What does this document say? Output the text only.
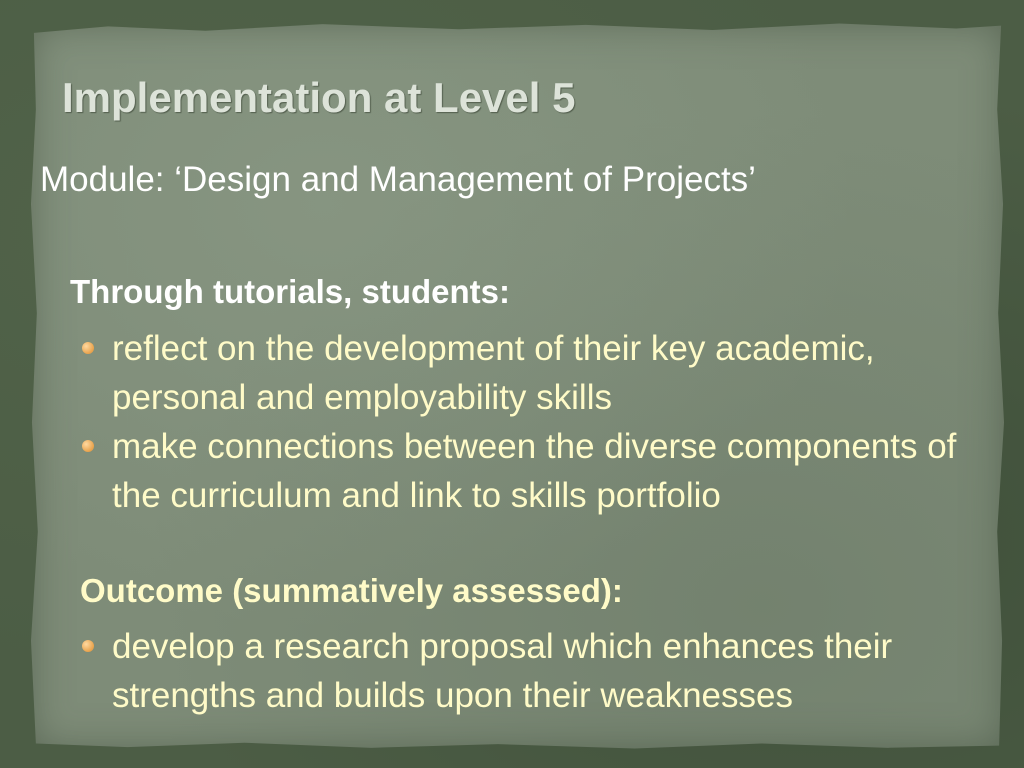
Implementation at Level 5

Module: ‘Design and Management of Projects’

Through tutorials, students:

reflect on the development of their key academic, personal and employability skills
make connections between the diverse components of the curriculum and link to skills portfolio

Outcome (summatively assessed):

develop a research proposal which enhances their strengths and builds upon their weaknesses
